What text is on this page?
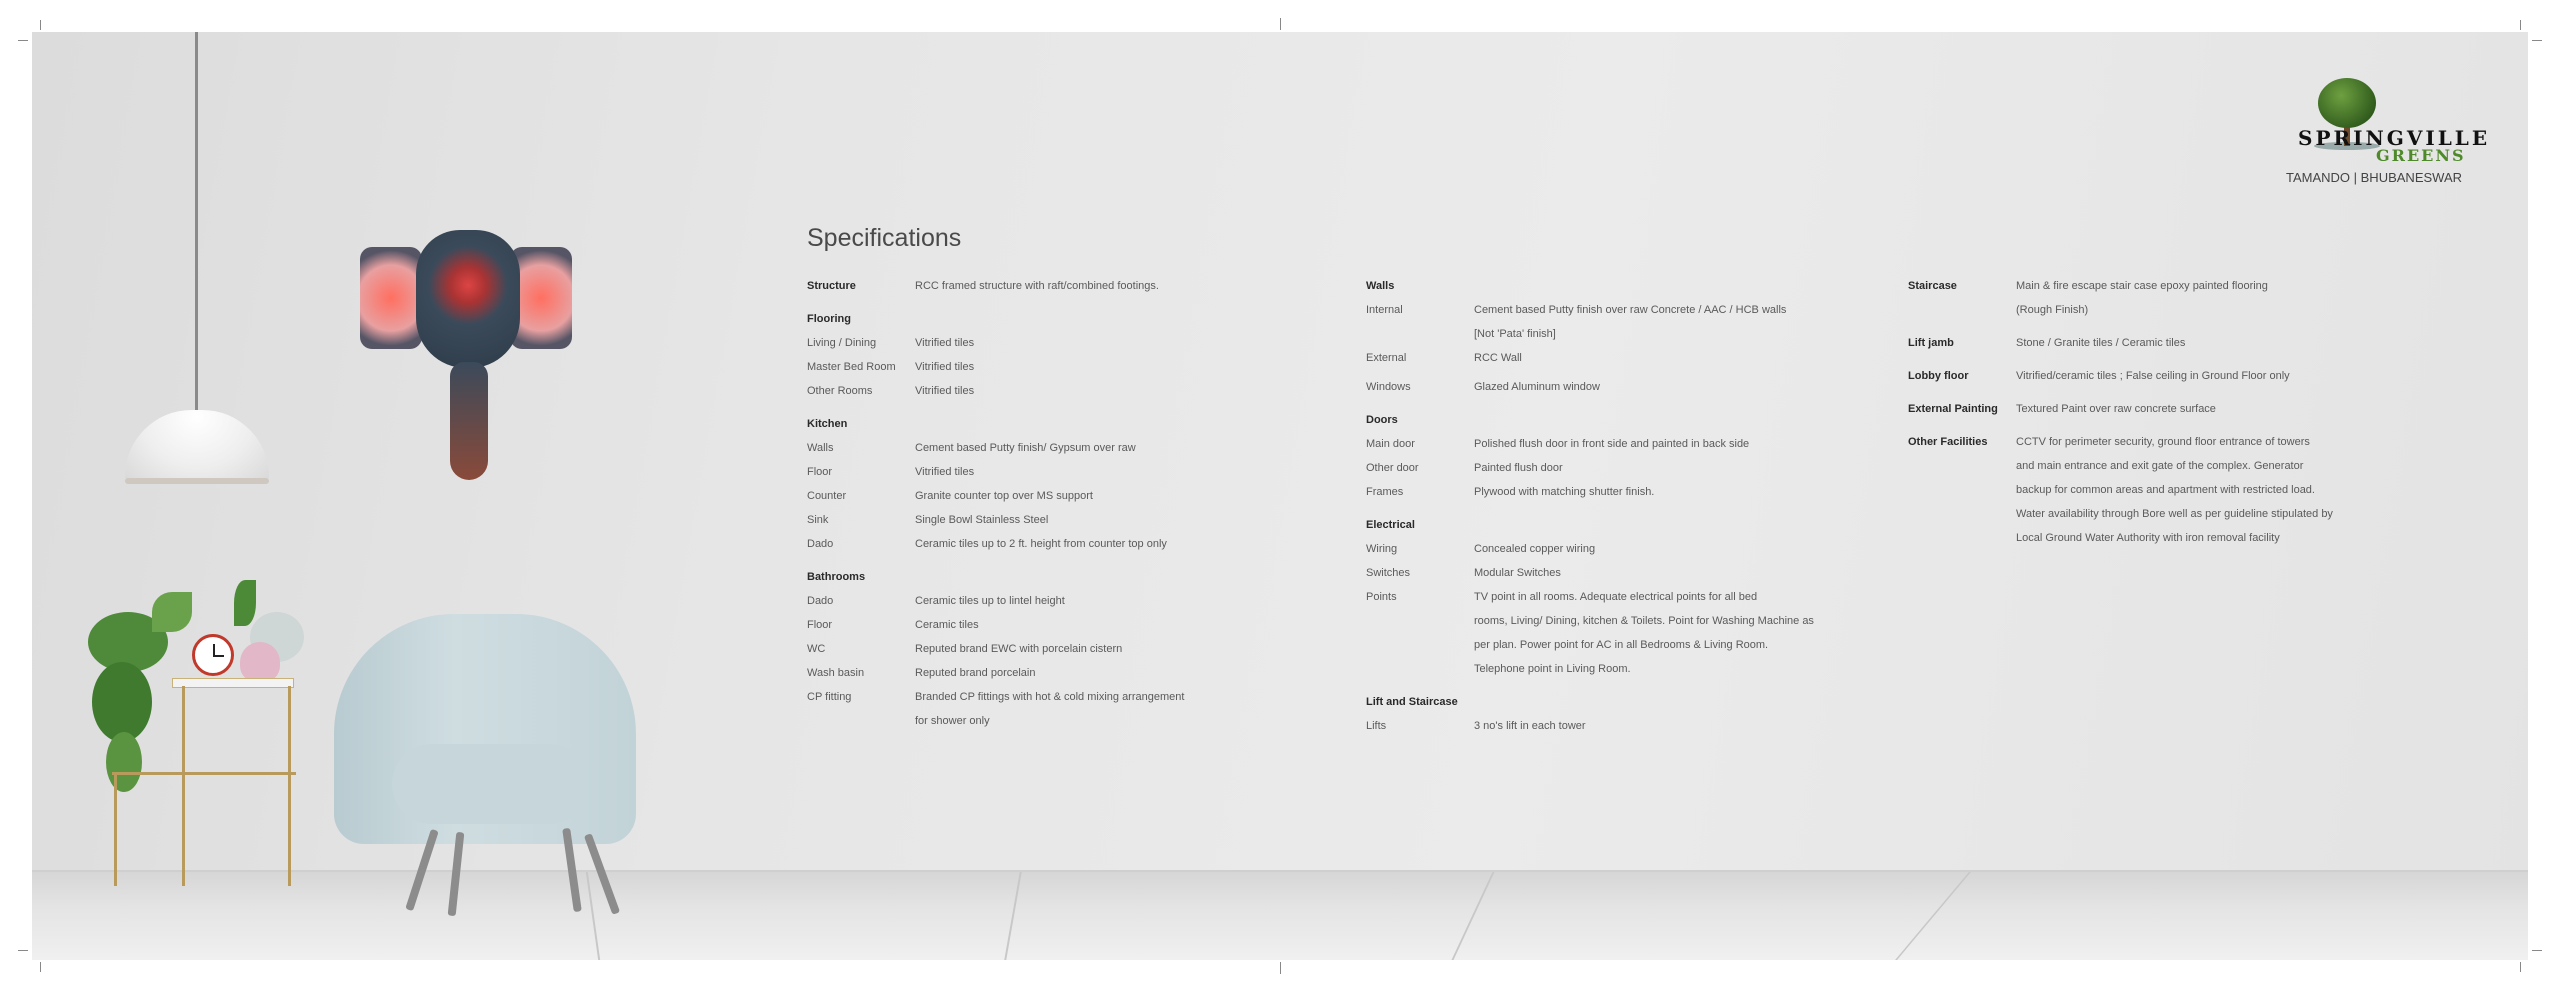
SPRINGVILLE
GREENS
TAMANDO | BHUBANESWAR
Specifications
Structure	RCC framed structure with raft/combined footings.
Flooring
Living / Dining	Vitrified tiles
Master Bed Room Vitrified tiles
Other Rooms	Vitrified tiles
Kitchen
Walls	Cement based Putty finish/ Gypsum over raw
Floor	Vitrified tiles
Counter	Granite counter top over MS support
Sink	Single Bowl Stainless Steel
Dado	Ceramic tiles up to 2 ft. height from counter top only
Bathrooms
Dado	Ceramic tiles up to lintel height
Floor	Ceramic tiles
WC	Reputed brand EWC with porcelain cistern
Wash basin	Reputed brand porcelain
CP fitting	Branded CP fittings with hot & cold mixing arrangement
for shower only
Walls
Internal	Cement based Putty finish over raw Concrete / AAC / HCB walls
[Not 'Pata' finish]
External	RCC Wall
Windows	Glazed Aluminum window
Doors
Main door	Polished flush door in front side and painted in back side
Other door	Painted flush door
Frames	Plywood with matching shutter finish.
Electrical
Wiring	Concealed copper wiring
Switches	Modular Switches
Points	TV point in all rooms. Adequate electrical points for all bed
rooms, Living/ Dining, kitchen & Toilets. Point for Washing Machine as
per plan. Power point for AC in all Bedrooms & Living Room.
Telephone point in Living Room.
Lift and Staircase
Lifts	3 no's lift in each tower
Staircase	Main & fire escape stair case epoxy painted flooring
(Rough Finish)
Lift jamb	Stone / Granite tiles / Ceramic tiles
Lobby floor	Vitrified/ceramic tiles ; False ceiling in Ground Floor only
External Painting Textured Paint over raw concrete surface
Other Facilities	CCTV for perimeter security, ground floor entrance of towers
and main entrance and exit gate of the complex. Generator
backup for common areas and apartment with restricted load.
Water availability through Bore well as per guideline stipulated by
Local Ground Water Authority with iron removal facility
